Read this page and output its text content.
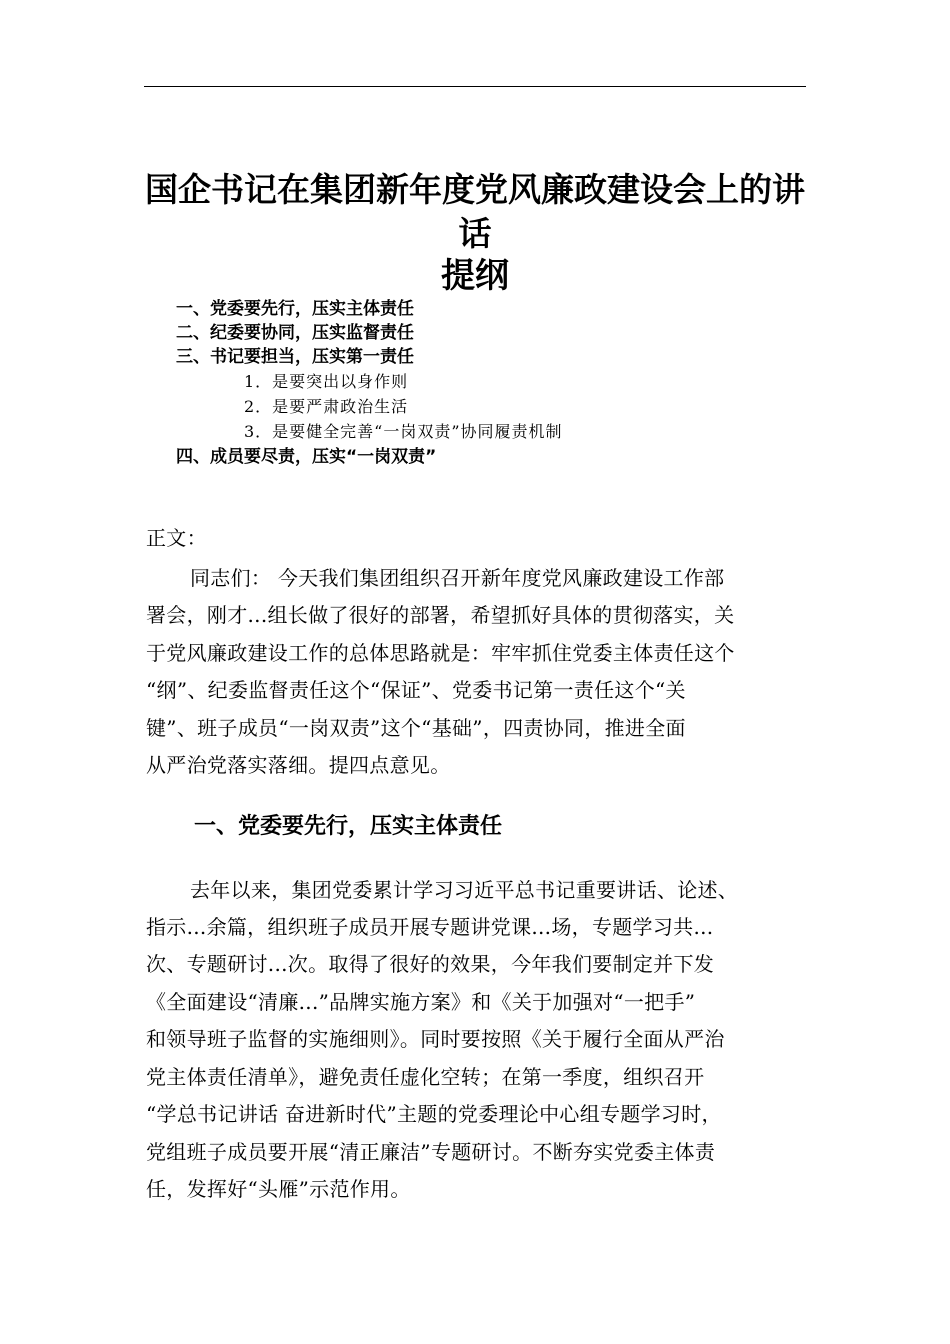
国企书记在集团新年度党风廉政建设会上的讲
话
提纲
一、党委要先行，压实主体责任
二、纪委要协同，压实监督责任
三、书记要担当，压实第一责任
1．是要突出以身作则
2．是要严肃政治生活
3．是要健全完善“一岗双责”协同履责机制
四、成员要尽责，压实“一岗双责”
正文：
同志们： 今天我们集团组织召开新年度党风廉政建设工作部
署会，刚才...组长做了很好的部署，希望抓好具体的贯彻落实，关
于党风廉政建设工作的总体思路就是：牢牢抓住党委主体责任这个
“纲”、纪委监督责任这个“保证”、党委书记第一责任这个“关
键”、班子成员“一岗双责”这个“基础”，四责协同，推进全面
从严治党落实落细。提四点意见。
一、党委要先行，压实主体责任
去年以来，集团党委累计学习习近平总书记重要讲话、论述、
指示...余篇，组织班子成员开展专题讲党课...场，专题学习共...
次、专题研讨...次。取得了很好的效果，今年我们要制定并下发
《全面建设“清廉...”品牌实施方案》和《关于加强对“一把手”
和领导班子监督的实施细则》。同时要按照《关于履行全面从严治
党主体责任清单》，避免责任虚化空转；在第一季度，组织召开
“学总书记讲话 奋进新时代”主题的党委理论中心组专题学习时，
党组班子成员要开展“清正廉洁”专题研讨。不断夯实党委主体责
任，发挥好“头雁”示范作用。
